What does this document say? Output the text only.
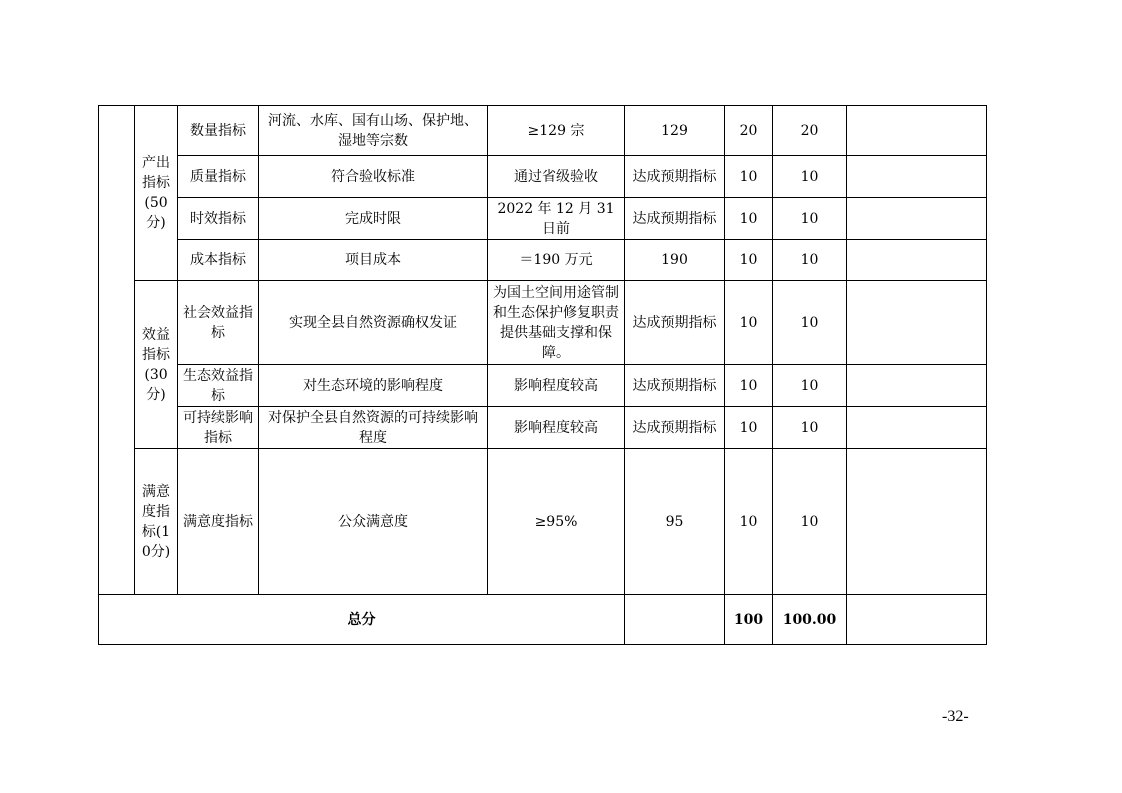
	产出指标(50分)	数量指标	河流、水库、国有山场、保护地、湿地等宗数	≥129 宗	129	20	20	
		质量指标	符合验收标准	通过省级验收	达成预期指标	10	10	
		时效指标	完成时限	2022 年 12 月 31 日前	达成预期指标	10	10	
		成本指标	项目成本	＝190 万元	190	10	10	
	效益指标(30分)	社会效益指标	实现全县自然资源确权发证	为国土空间用途管制和生态保护修复职责提供基础支撑和保障。	达成预期指标	10	10	
		生态效益指标	对生态环境的影响程度	影响程度较高	达成预期指标	10	10	
		可持续影响指标	对保护全县自然资源的可持续影响程度	影响程度较高	达成预期指标	10	10	
	满意度指标(10分)	满意度指标	公众满意度	≥95%	95	10	10	
总分						100	100.00	
-32-
